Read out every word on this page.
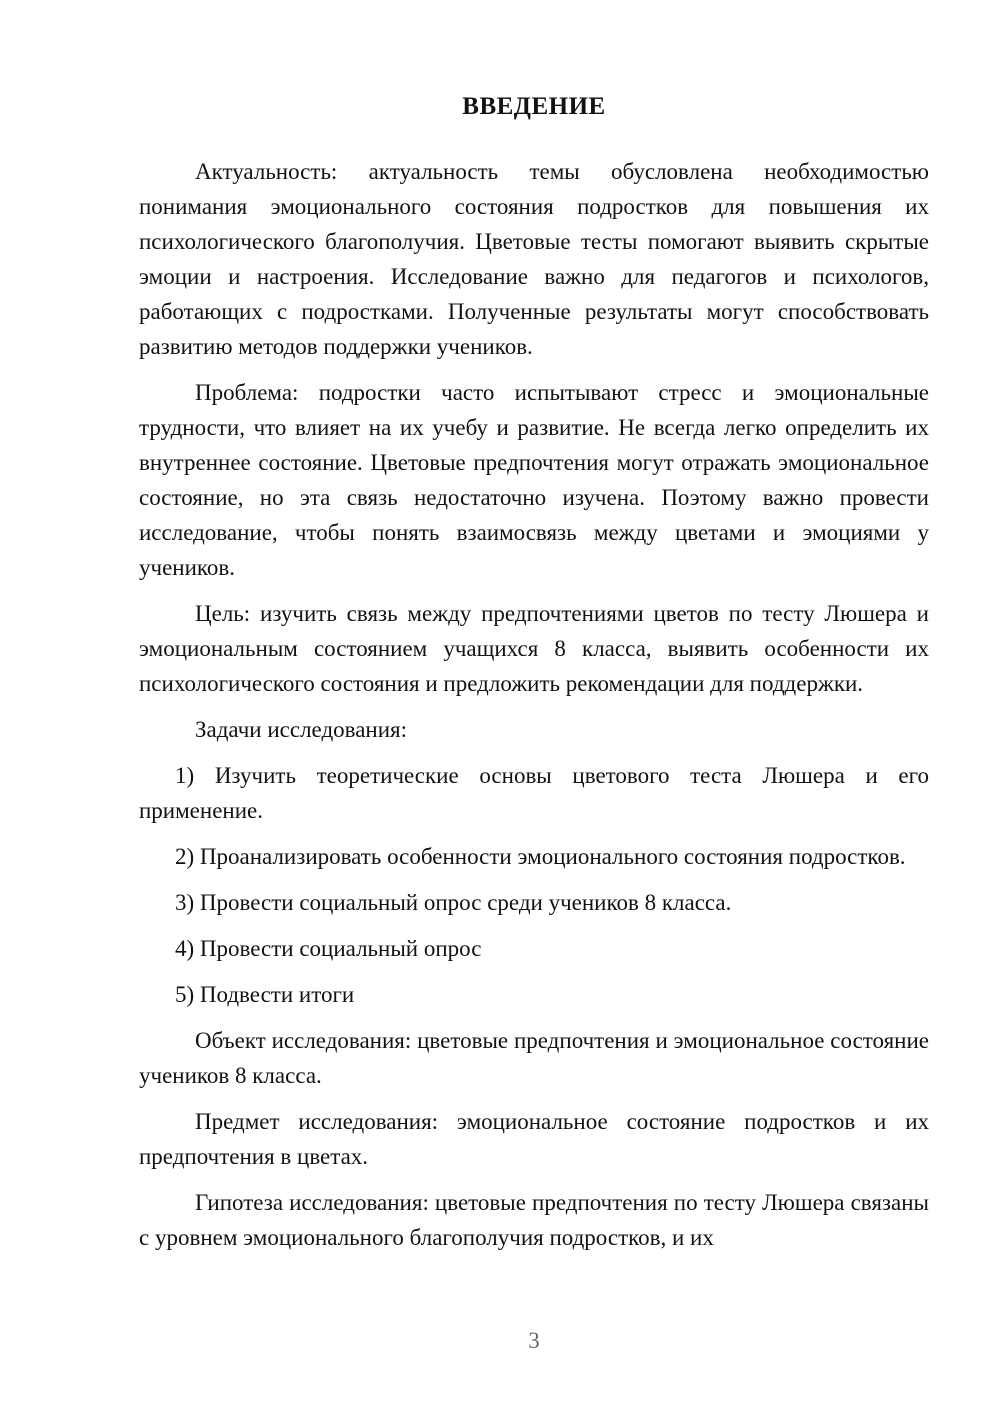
ВВЕДЕНИЕ

Актуальность: актуальность темы обусловлена необходимостью понимания эмоционального состояния подростков для повышения их психологического благополучия. Цветовые тесты помогают выявить скрытые эмоции и настроения. Исследование важно для педагогов и психологов, работающих с подростками. Полученные результаты могут способствовать развитию методов поддержки учеников.

Проблема: подростки часто испытывают стресс и эмоциональные трудности, что влияет на их учебу и развитие. Не всегда легко определить их внутреннее состояние. Цветовые предпочтения могут отражать эмоциональное состояние, но эта связь недостаточно изучена. Поэтому важно провести исследование, чтобы понять взаимосвязь между цветами и эмоциями у учеников.

Цель: изучить связь между предпочтениями цветов по тесту Люшера и эмоциональным состоянием учащихся 8 класса, выявить особенности их психологического состояния и предложить рекомендации для поддержки.

Задачи исследования:

1) Изучить теоретические основы цветового теста Люшера и его применение.

2) Проанализировать особенности эмоционального состояния подростков.

3) Провести социальный опрос среди учеников 8 класса.

4) Провести социальный опрос

5) Подвести итоги

Объект исследования: цветовые предпочтения и эмоциональное состояние учеников 8 класса.

Предмет исследования: эмоциональное состояние подростков и их предпочтения в цветах.

Гипотеза исследования: цветовые предпочтения по тесту Люшера связаны с уровнем эмоционального благополучия подростков, и их

3
